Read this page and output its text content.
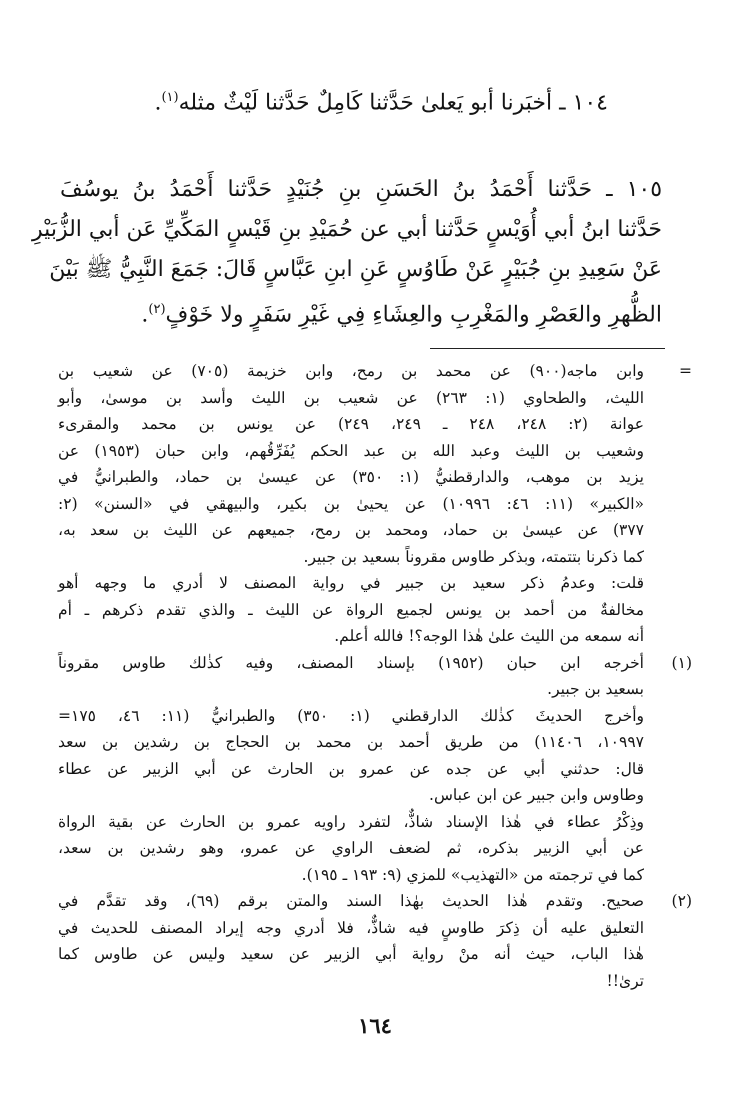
١٠٤ ـ أخبَرنا أبو يَعلىٰ حَدَّثنا كَامِلٌ حَدَّثنا لَيْثٌ مثله$^{(١)}$.
١٠٥ ـ حَدَّثنا أَحْمَدُ بنُ الحَسَنِ بنِ جُنَيْدٍ حَدَّثنا أَحْمَدُ بنُ يوسُفَ
حَدَّثنا ابنُ أبي أُوَيْسٍ حَدَّثنا أبي عن حُمَيْدِ بنِ قَيْسٍ المَكِّيِّ عَن أبي الزُّبَيْرِ
عَنْ سَعِيدِ بنِ جُبَيْرٍ عَنْ طَاوُسٍ عَنِ ابنِ عَبَّاسٍ قَالَ: جَمَعَ النَّبِيُّ ﷺ بَيْنَ
الظُّهرِ والعَصْرِ والمَغْرِبِ والعِشَاءِ فِي غَيْرِ سَفَرٍ ولا خَوْفٍ$^{(٢)}$.
=
وابن ماجه(٩٠٠) عن محمد بن رمح، وابن خزيمة (٧٠٥) عن شعيب بن
الليث، والطحاوي (١: ٢٦٣) عن شعيب بن الليث وأسد بن موسىٰ، وأبو
عوانة (٢: ٢٤٨، ٢٤٨ ـ ٢٤٩، ٢٤٩) عن يونس بن محمد والمقرىء
وشعيب بن الليث وعبد الله بن عبد الحكم يُفَرِّقُهم، وابن حبان (١٩٥٣) عن
يزيد بن موهب، والدارقطنيُّ (١: ٣٥٠) عن عيسىٰ بن حماد، والطبرانيُّ في
«الكبير» (١١: ٤٦: ١٠٩٩٦) عن يحيىٰ بن بكير، والبيهقي في «السنن» (٢:
٣٧٧) عن عيسىٰ بن حماد، ومحمد بن رمح، جميعهم عن الليث بن سعد به،
كما ذكرنا بتتمته، وبذكر طاوس مقروناً بسعيد بن جبير.
قلت: وعدمُ ذكر سعيد بن جبير في رواية المصنف لا أدري ما وجهه أهو
مخالفةٌ من أحمد بن يونس لجميع الرواة عن الليث ـ والذي تقدم ذكرهم ـ أم
أنه سمعه من الليث علىٰ هٰذا الوجه؟! فالله أعلم.
(١)
أخرجه ابن حبان (١٩٥٢) بإسناد المصنف، وفيه كذٰلك طاوس مقروناً
بسعيد بن جبير.
وأخرج الحديثَ كذٰلك الدارقطني (١: ٣٥٠) والطبرانيُّ (١١: ٤٦، ١٧٥=
١٠٩٩٧، ١١٤٠٦) من طريق أحمد بن محمد بن الحجاج بن رشدين بن سعد
قال: حدثني أبي عن جده عن عمرو بن الحارث عن أبي الزبير عن عطاء
وطاوس وابن جبير عن ابن عباس.
وذِكْرُ عطاء في هٰذا الإسناد شاذٌّ، لتفرد راويه عمرو بن الحارث عن بقية الرواة
عن أبي الزبير بذكره، ثم لضعف الراوي عن عمرو، وهو رشدين بن سعد،
كما في ترجمته من «التهذيب» للمزي (٩: ١٩٣ ـ ١٩٥).
(٢)
صحيح. وتقدم هٰذا الحديث بهٰذا السند والمتن برقم (٦٩)، وقد تقدَّم في
التعليق عليه أن ذِكرَ طاوسٍ فيه شاذٌّ، فلا أدري وجه إيراد المصنف للحديث في
هٰذا الباب، حيث أنه منْ رواية أبي الزبير عن سعيد وليس عن طاوس كما
ترىٰ!!
١٦٤
